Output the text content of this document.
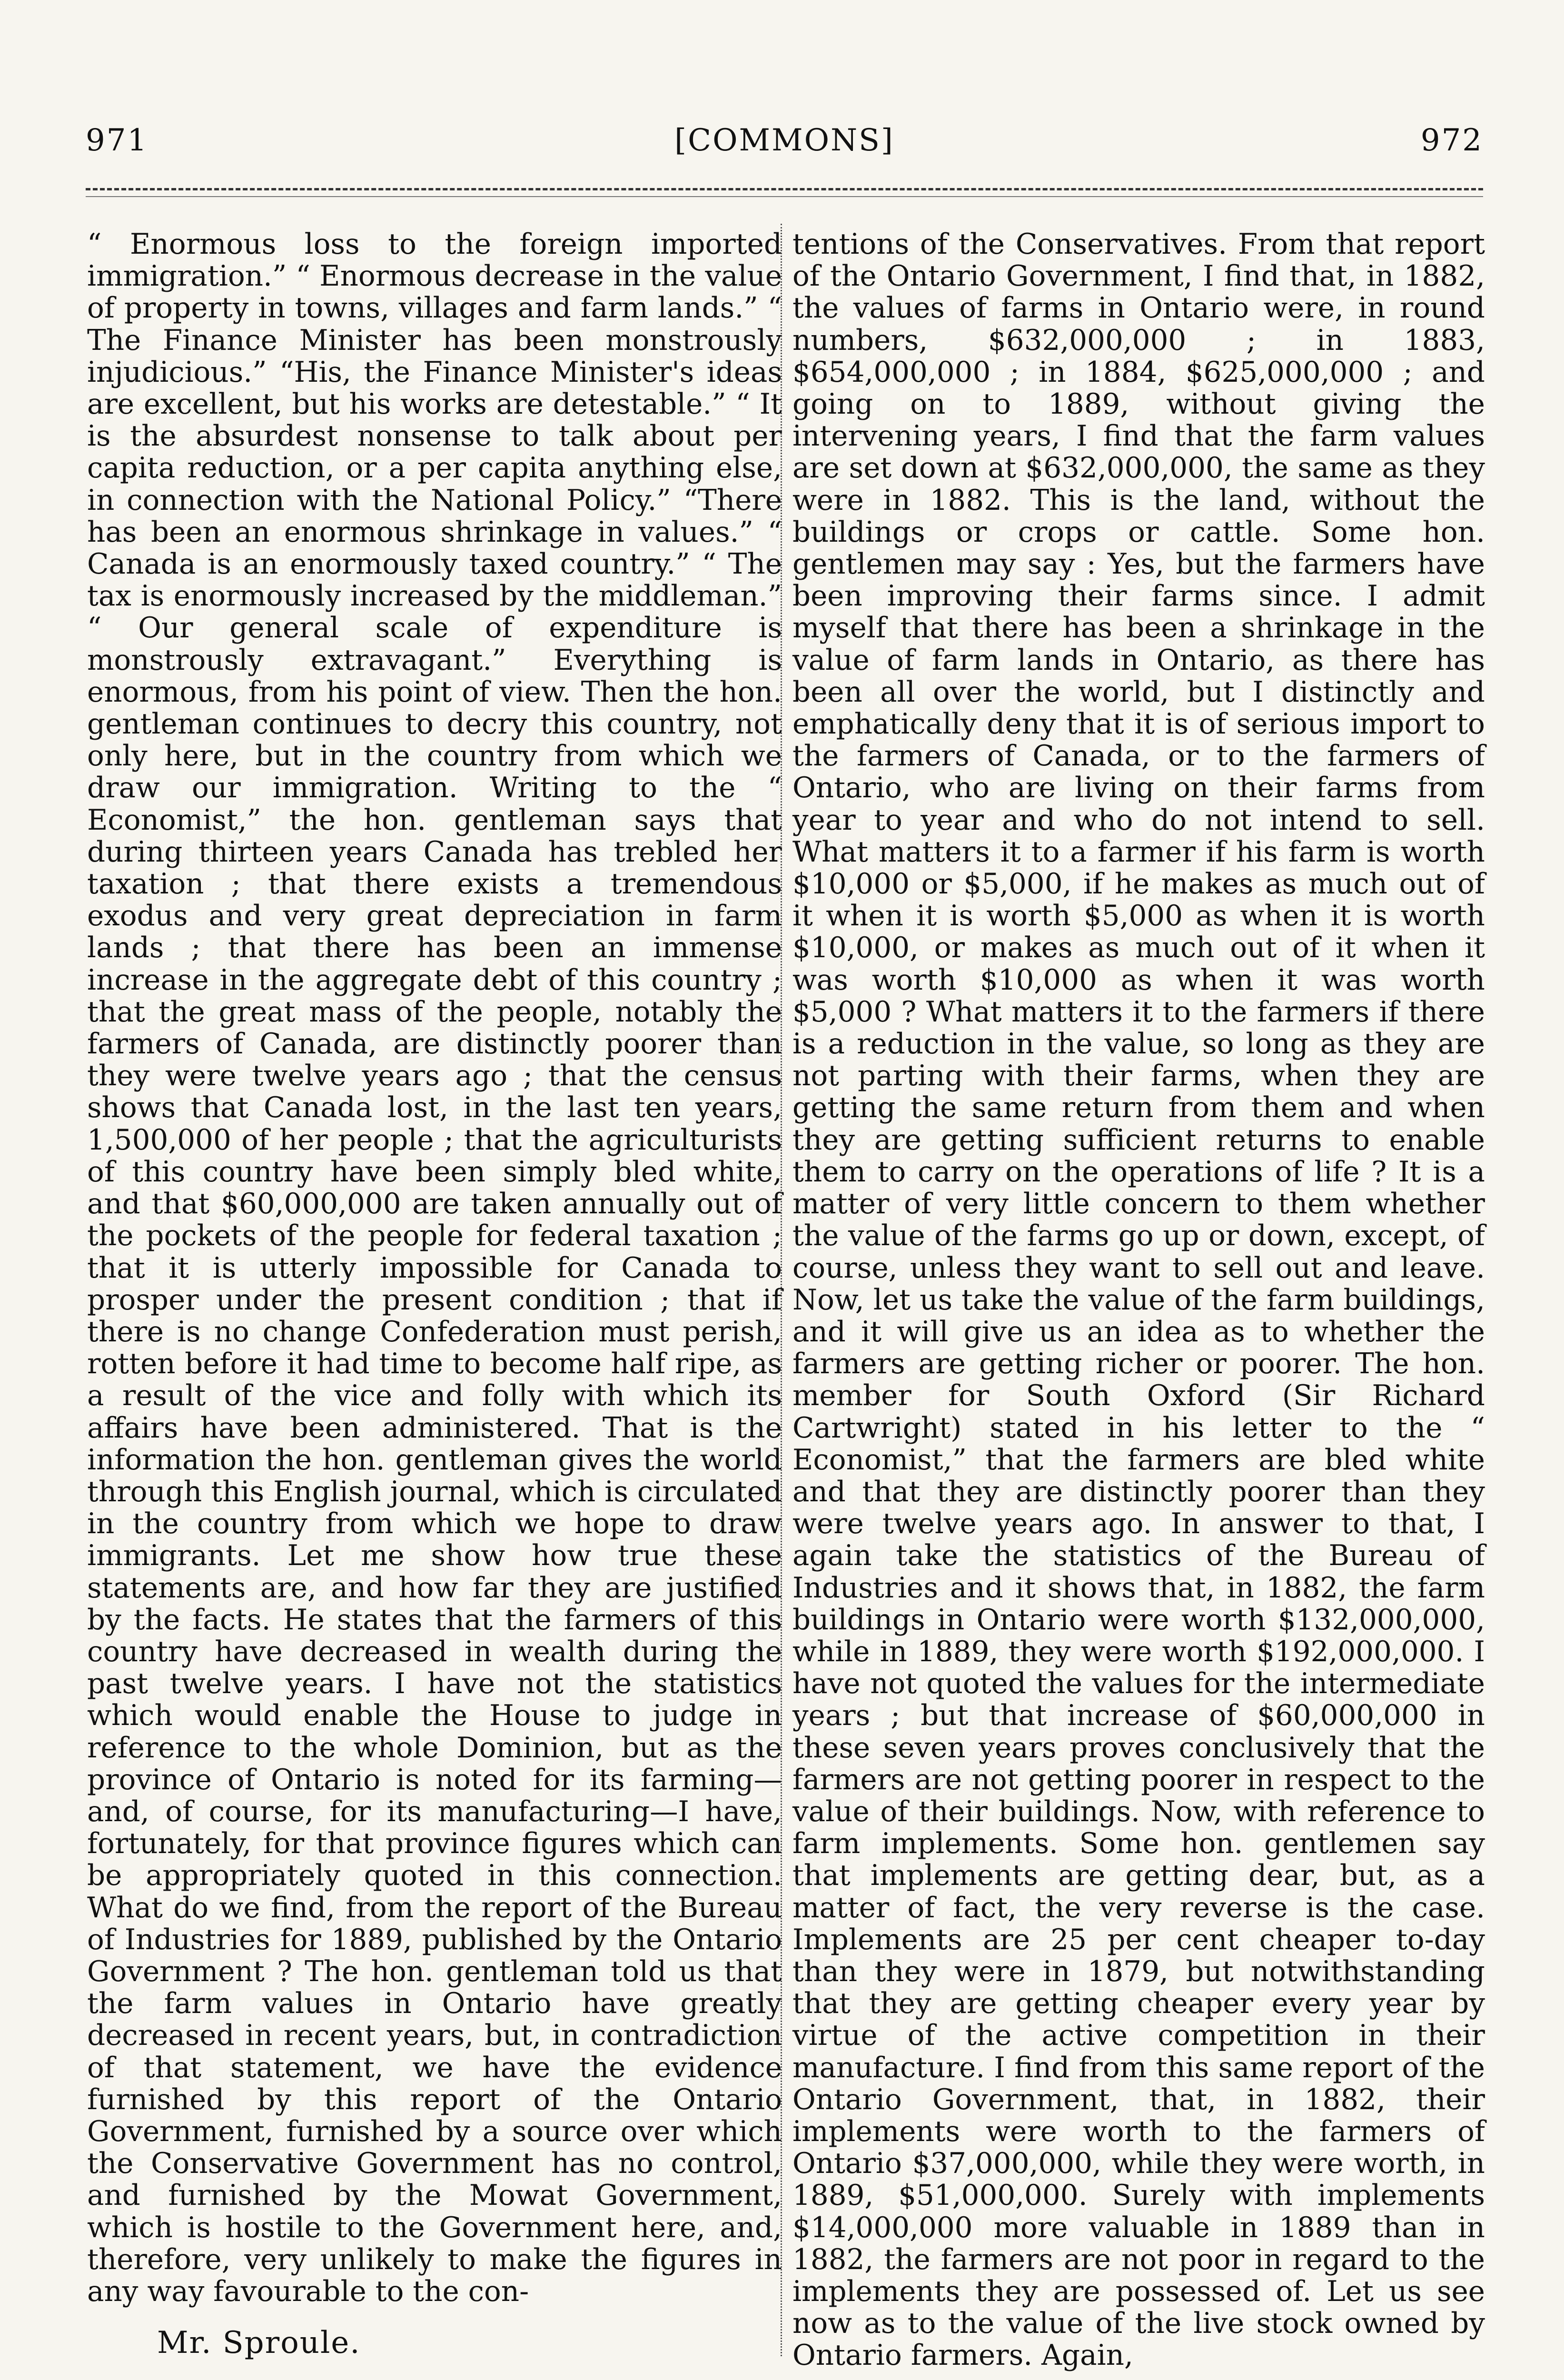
971	[COMMONS]	972

“ Enormous loss to the foreign imported immigration.” “ Enormous decrease in the value of property in towns, villages and farm lands.” “ The Finance Minister has been monstrously injudicious.” “His, the Finance Minister's ideas are excellent, but his works are detestable.” “ It is the absurdest nonsense to talk about per capita reduction, or a per capita anything else, in connection with the National Policy.” “There has been an enormous shrinkage in values.” “ Canada is an enormously taxed country.” “ The tax is enormously increased by the middleman.” “ Our general scale of expenditure is monstrously extravagant.” Everything is enormous, from his point of view. Then the hon. gentleman continues to decry this country, not only here, but in the country from which we draw our immigration. Writing to the “ Economist,” the hon. gentleman says that during thirteen years Canada has trebled her taxation ; that there exists a tremendous exodus and very great depreciation in farm lands ; that there has been an immense increase in the aggregate debt of this country ; that the great mass of the people, notably the farmers of Canada, are distinctly poorer than they were twelve years ago ; that the census shows that Canada lost, in the last ten years, 1,500,000 of her people ; that the agriculturists of this country have been simply bled white, and that $60,000,000 are taken annually out of the pockets of the people for federal taxation ; that it is utterly impossible for Canada to prosper under the present condition ; that if there is no change Confederation must perish, rotten before it had time to become half ripe, as a result of the vice and folly with which its affairs have been administered. That is the information the hon. gentleman gives the world through this English journal, which is circulated in the country from which we hope to draw immigrants. Let me show how true these statements are, and how far they are justified by the facts. He states that the farmers of this country have decreased in wealth during the past twelve years. I have not the statistics which would enable the House to judge in reference to the whole Dominion, but as the province of Ontario is noted for its farming—and, of course, for its manufacturing—I have, fortunately, for that province figures which can be appropriately quoted in this connection. What do we find, from the report of the Bureau of Industries for 1889, published by the Ontario Government ? The hon. gentleman told us that the farm values in Ontario have greatly decreased in recent years, but, in contradiction of that statement, we have the evidence furnished by this report of the Ontario Government, furnished by a source over which the Conservative Government has no control, and furnished by the Mowat Government, which is hostile to the Government here, and, therefore, very unlikely to make the figures in any way favourable to the con-

tentions of the Conservatives. From that report of the Ontario Government, I find that, in 1882, the values of farms in Ontario were, in round numbers, $632,000,000 ; in 1883, $654,000,000 ; in 1884, $625,000,000 ; and going on to 1889, without giving the intervening years, I find that the farm values are set down at $632,000,000, the same as they were in 1882. This is the land, without the buildings or crops or cattle. Some hon. gentlemen may say : Yes, but the farmers have been improving their farms since. I admit myself that there has been a shrinkage in the value of farm lands in Ontario, as there has been all over the world, but I distinctly and emphatically deny that it is of serious import to the farmers of Canada, or to the farmers of Ontario, who are living on their farms from year to year and who do not intend to sell. What matters it to a farmer if his farm is worth $10,000 or $5,000, if he makes as much out of it when it is worth $5,000 as when it is worth $10,000, or makes as much out of it when it was worth $10,000 as when it was worth $5,000 ? What matters it to the farmers if there is a reduction in the value, so long as they are not parting with their farms, when they are getting the same return from them and when they are getting sufficient returns to enable them to carry on the operations of life ? It is a matter of very little concern to them whether the value of the farms go up or down, except, of course, unless they want to sell out and leave. Now, let us take the value of the farm buildings, and it will give us an idea as to whether the farmers are getting richer or poorer. The hon. member for South Oxford (Sir Richard Cartwright) stated in his letter to the “ Economist,” that the farmers are bled white and that they are distinctly poorer than they were twelve years ago. In answer to that, I again take the statistics of the Bureau of Industries and it shows that, in 1882, the farm buildings in Ontario were worth $132,000,000, while in 1889, they were worth $192,000,000. I have not quoted the values for the intermediate years ; but that increase of $60,000,000 in these seven years proves conclusively that the farmers are not getting poorer in respect to the value of their buildings. Now, with reference to farm implements. Some hon. gentlemen say that implements are getting dear, but, as a matter of fact, the very reverse is the case. Implements are 25 per cent cheaper to-day than they were in 1879, but notwithstanding that they are getting cheaper every year by virtue of the active competition in their manufacture. I find from this same report of the Ontario Government, that, in 1882, their implements were worth to the farmers of Ontario $37,000,000, while they were worth, in 1889, $51,000,000. Surely with implements $14,000,000 more valuable in 1889 than in 1882, the farmers are not poor in regard to the implements they are possessed of. Let us see now as to the value of the live stock owned by Ontario farmers. Again,

Mr. Sproule.
